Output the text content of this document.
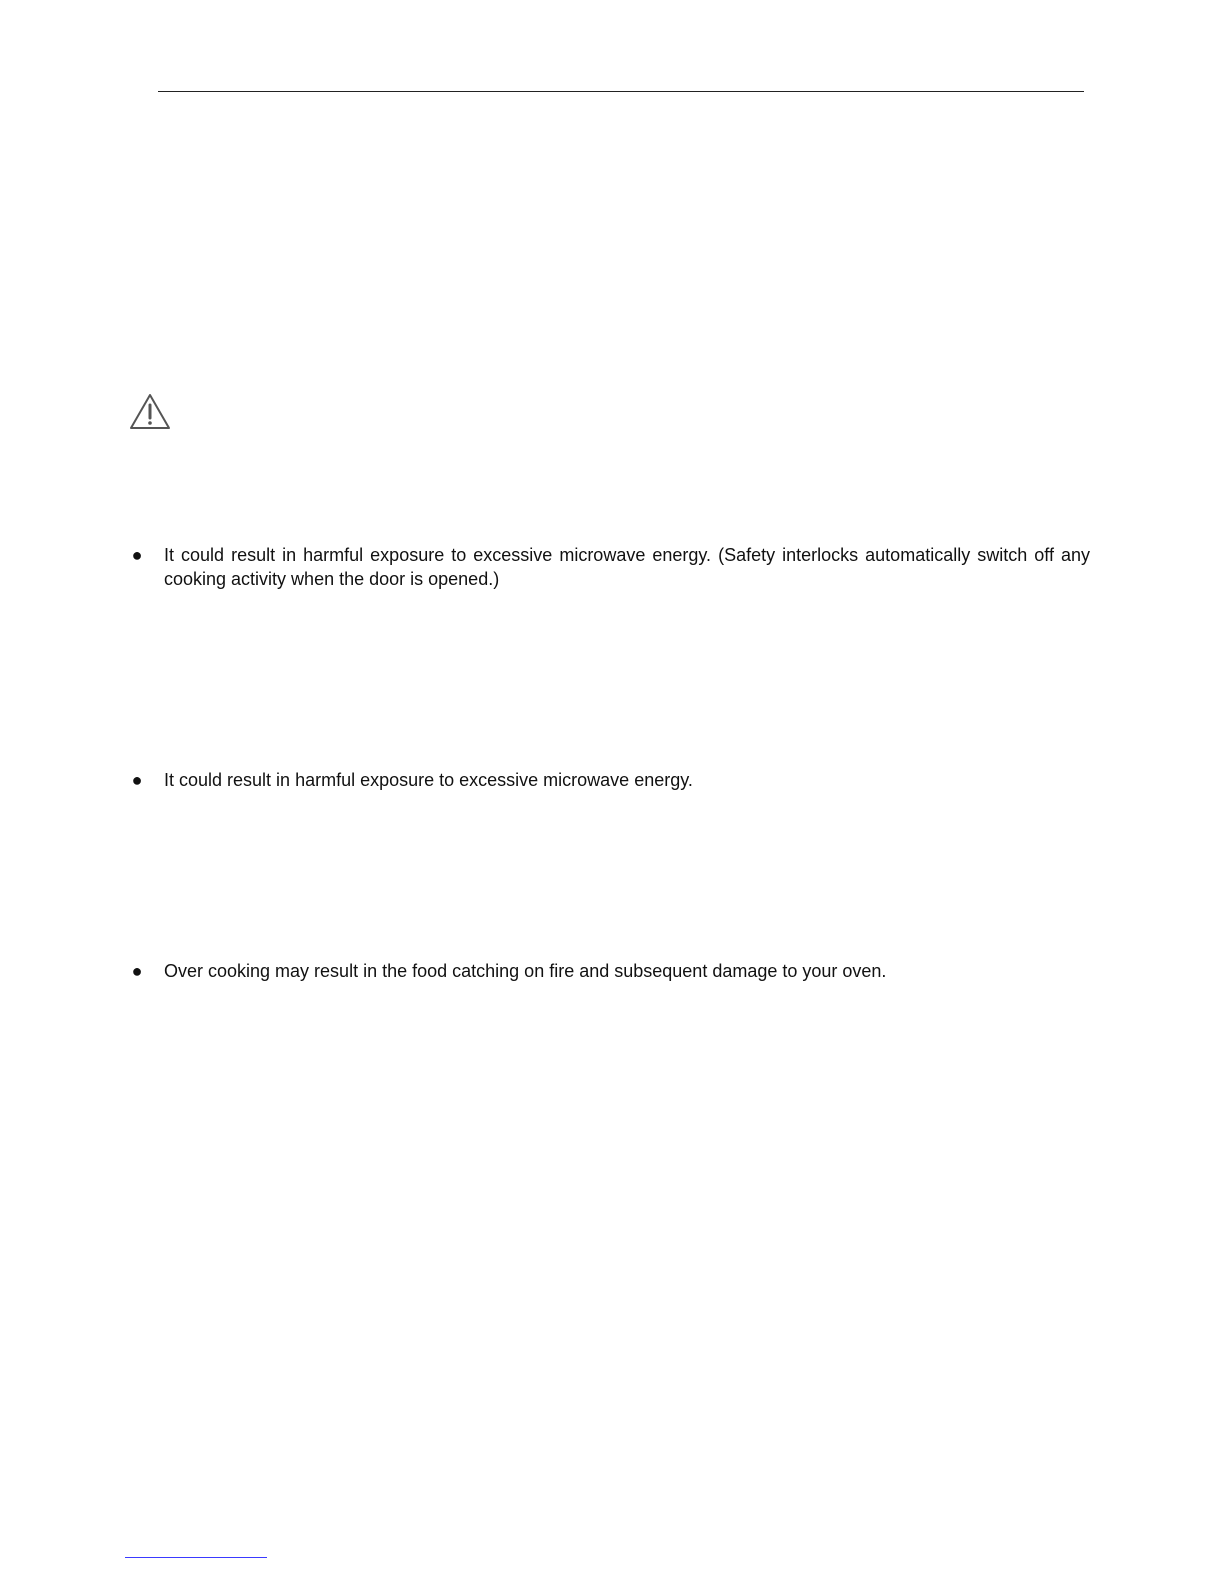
● It could result in harmful exposure to excessive microwave energy. (Safety interlocks automatically switch off any cooking activity when the door is opened.)
● It could result in harmful exposure to excessive microwave energy.
● Over cooking may result in the food catching on fire and subsequent damage to your oven.
